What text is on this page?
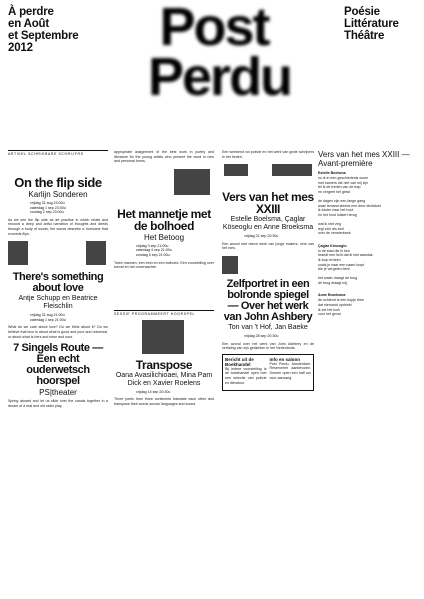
À perdre
en Août
et Septembre
2012	Post
Perdu
Poésie
Littérature
Théâtre
ARTIKEL SCHRIKBARE SCHRIJFRS
On the flip side
Karlijn Sonderen
vrijdag 31 aug 23:00u
zaterdag 1 sep 23:00u
zondag 2 sep 23:00u

As we see the flip side as art practise in which relate and recount a deep and artful narration of thoughts and deeds through a body of words, the words describe a hurricane that exceeds flips.

There's something about love
Antje Schupp en Beatrice Fleischlin
vrijdag 31 aug 21:00u
zaterdag 1 sep 21:00u

What do we care about love? Do we think about it? Do we believe that love is about what is good and pure and universal, or about what is hers and mine and ours.

7 Singels Route — Een echt ouderwetsch hoorspel
PS|theater

Spring aboard and let us slide over the canals together in a dream of a real and old radio play.

appropriate assignment of the best work in poetry and literature for the young artists who present the word in new and personal forms.

Het mannetje met de bolhoed
Het Betoog
vrijdag 3 sep 21:00u
zaterdag 4 sep 21:00u
zondag 5 sep 21:00u

Twee mannen, een trein en een bolhoed. Een voorstelling over toeval en het onverwachte.

SESSIE PROGRAMMEERT HOORSPEL
Transpose
Oana Avasilichioaei, Mina Pam Dick en Xavier Roelens
vrijdag 14 sep 20:30u

Three poets from three continents translate each other and transpose their words across languages and sound.

Een weekend vol poëzie en het werk van grote schrijvers in het heden.

Vers van het mes XXIII
Estelle Boelsma, Çaglar Köseoglu en Anne Broeksma
vrijdag 21 sep 20:30u

Een avond met nieuw werk van jonge makers, vers van het mes.

Zelfportret in een bolronde spiegel — Over het werk van John Ashbery
Ton van 't Hof, Jan Baeke
vrijdag 28 sep 20:30u

Een avond over het werk van John Ashbery en de vertaling van zijn gedichten in het Nederlands.

Bericht uit de Boekhandel

Bij iedere voorstelling is de boekhandel open met een selectie van poëzie en literatuur.

Info en saloon

Post Perdu, Amsterdam. Reserveren aanbevolen. Deuren open een half uur voor aanvang.

Vers van het mes XXIII — Avant-première
Estelle Boelsma

nu ik in een geschiedenis woon

met kamers die niet van mij zijn

tel ik de treden van de trap

en vergeet het getal

de dagen zijn een lange gang

waar iemand steeds een deur dichtdoet

ik luister naar het hout

en het hout luistert terug

wat ik niet zeg

legt zich als stof

over de vensterbank

Çaglar Köseoglu

in de stad die ik ken

brandt een licht dat ik niet aanstak

ik loop erheen

zoals je naar een naam loopt

die je vergeten bent

het water draagt de brug

de brug draagt mij

Anne Broeksma

de ochtend is een kopje thee

dat niemand opdrinkt

ik zet het toch

voor het geval
